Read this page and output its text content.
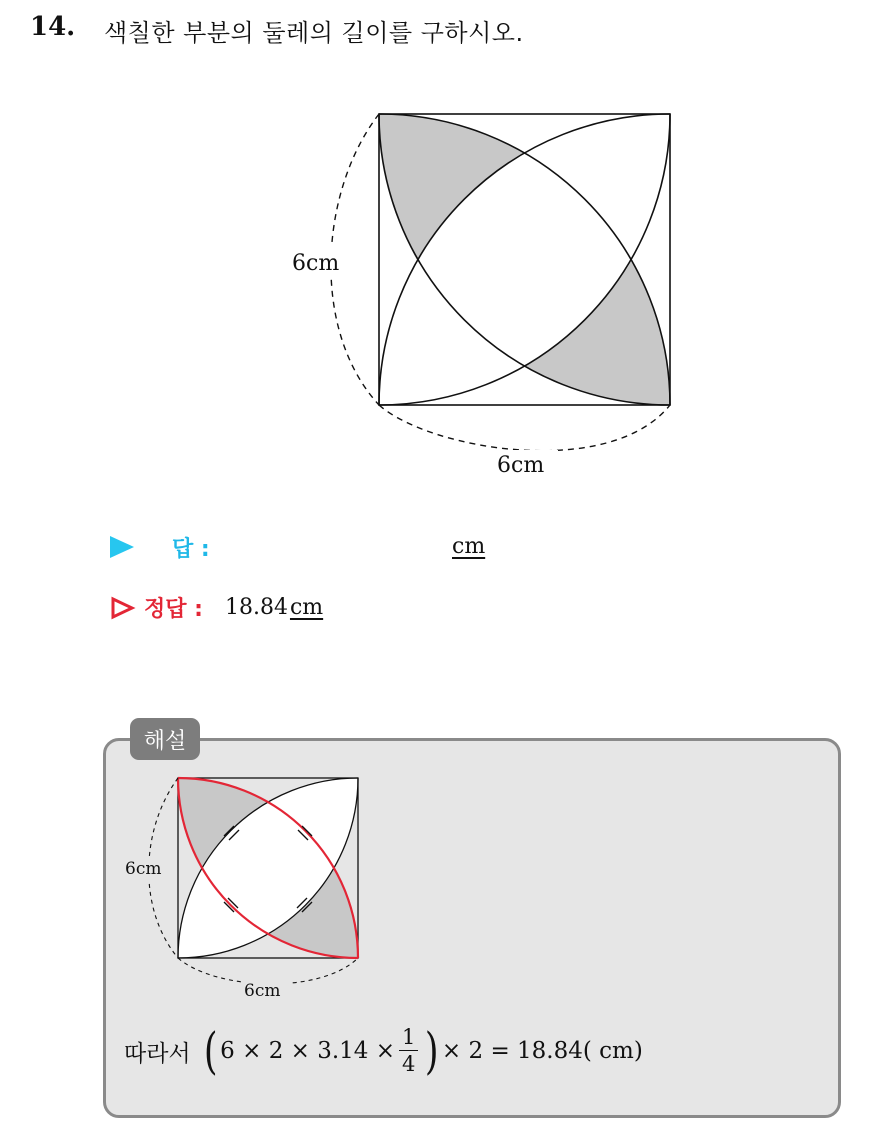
14. 색칠한 부분의 둘레의 길이를 구하시오.
6cm
6cm
답 :	cm
정답 : 18.84cm
해설
6cm
6cm
따라서 ( $6 \times 2 \times 3.14 \times \frac{1}{4}$ ) × 2 = 18.84( cm)
